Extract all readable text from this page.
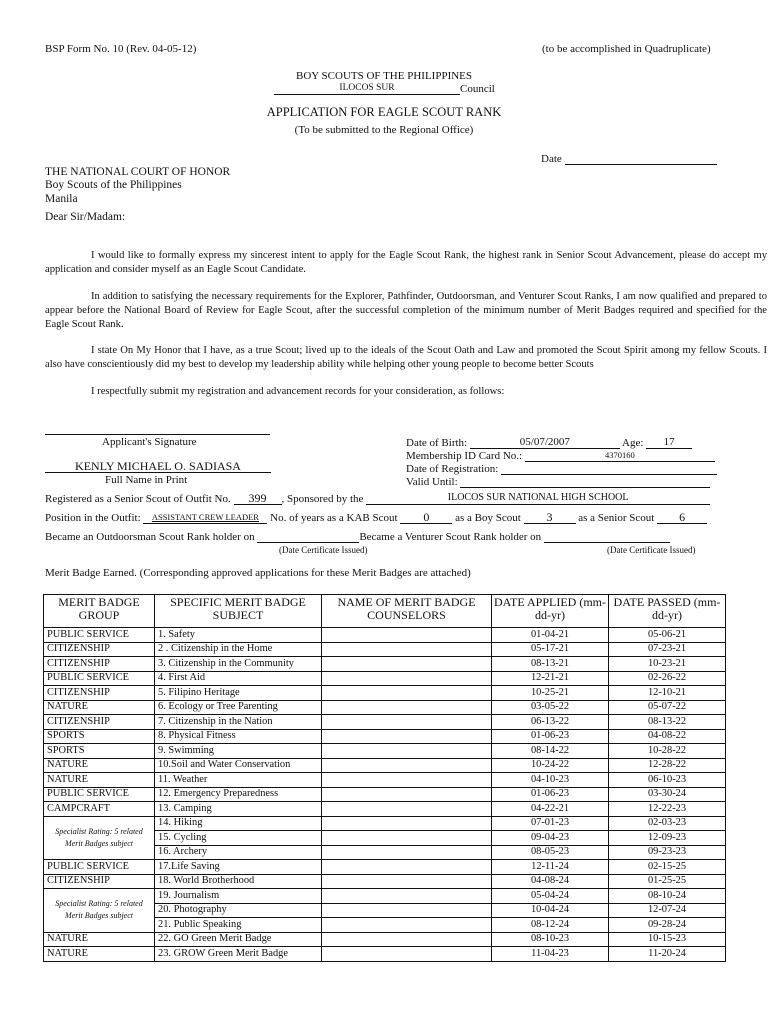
BSP Form No. 10 (Rev. 04-05-12)	(to be accomplished in Quadruplicate)
BOY SCOUTS OF THE PHILIPPINES
ILOCOS SUR	Council
APPLICATION FOR EAGLE SCOUT RANK
(To be submitted to the Regional Office)
Date
THE NATIONAL COURT OF HONOR
Boy Scouts of the Philippines
Manila
Dear Sir/Madam:
I would like to formally express my sincerest intent to apply for the Eagle Scout Rank, the highest rank in Senior Scout Advancement, please do accept my application and consider myself as an Eagle Scout Candidate.
In addition to satisfying the necessary requirements for the Explorer, Pathfinder, Outdoorsman, and Venturer Scout Ranks, I am now qualified and prepared to appear before the National Board of Review for Eagle Scout, after the successful completion of the minimum number of Merit Badges required and specified for the Eagle Scout Rank.
I state On My Honor that I have, as a true Scout; lived up to the ideals of the Scout Oath and Law and promoted the Scout Spirit among my fellow Scouts. I also have conscientiously did my best to develop my leadership ability while helping other young people to become better Scouts
I respectfully submit my registration and advancement records for your consideration, as follows:
Applicant's Signature
KENLY MICHAEL O. SADIASA
Full Name in Print
Date of Birth:	05/07/2007	Age: 17
Membership ID Card No.:	4370160
Date of Registration:
Valid Until:
Registered as a Senior Scout of Outfit No. 399 , Sponsored by the	ILOCOS SUR NATIONAL HIGH SCHOOL
Position in the Outfit: ASSISTANT CREW LEADER No. of years as a KAB Scout 0 as a Boy Scout 3 as a Senior Scout 6
Became an Outdoorsman Scout Rank holder on	Became a Venturer Scout Rank holder on
(Date Certificate Issued)	(Date Certificate Issued)
Merit Badge Earned. (Corresponding approved applications for these Merit Badges are attached)
MERIT BADGE GROUP	SPECIFIC MERIT BADGE SUBJECT	NAME OF MERIT BADGE COUNSELORS	DATE APPLIED (mm-dd-yr)	DATE PASSED (mm-dd-yr)
PUBLIC SERVICE	1. Safety		01-04-21	05-06-21
CITIZENSHIP	2 . Citizenship in the Home		05-17-21	07-23-21
CITIZENSHIP	3. Citizenship in the Community		08-13-21	10-23-21
PUBLIC SERVICE	4. First Aid		12-21-21	02-26-22
CITIZENSHIP	5. Filipino Heritage		10-25-21	12-10-21
NATURE	6. Ecology or Tree Parenting		03-05-22	05-07-22
CITIZENSHIP	7. Citizenship in the Nation		06-13-22	08-13-22
SPORTS	8. Physical Fitness		01-06-23	04-08-22
SPORTS	9. Swimming		08-14-22	10-28-22
NATURE	10.Soil and Water Conservation		10-24-22	12-28-22
NATURE	11. Weather		04-10-23	06-10-23
PUBLIC SERVICE	12. Emergency Preparedness		01-06-23	03-30-24
CAMPCRAFT	13. Camping		04-22-21	12-22-23
Specialist Rating: 5 related Merit Badges subject	14. Hiking		07-01-23	02-03-23
	15. Cycling		09-04-23	12-09-23
	16. Archery		08-05-23	09-23-23
PUBLIC SERVICE	17.Life Saving		12-11-24	02-15-25
CITIZENSHIP	18. World Brotherhood		04-08-24	01-25-25
Specialist Rating: 5 related Merit Badges subject	19. Journalism		05-04-24	08-10-24
	20. Photography		10-04-24	12-07-24
	21. Public Speaking		08-12-24	09-28-24
NATURE	22. GO Green Merit Badge		08-10-23	10-15-23
NATURE	23. GROW Green Merit Badge		11-04-23	11-20-24
